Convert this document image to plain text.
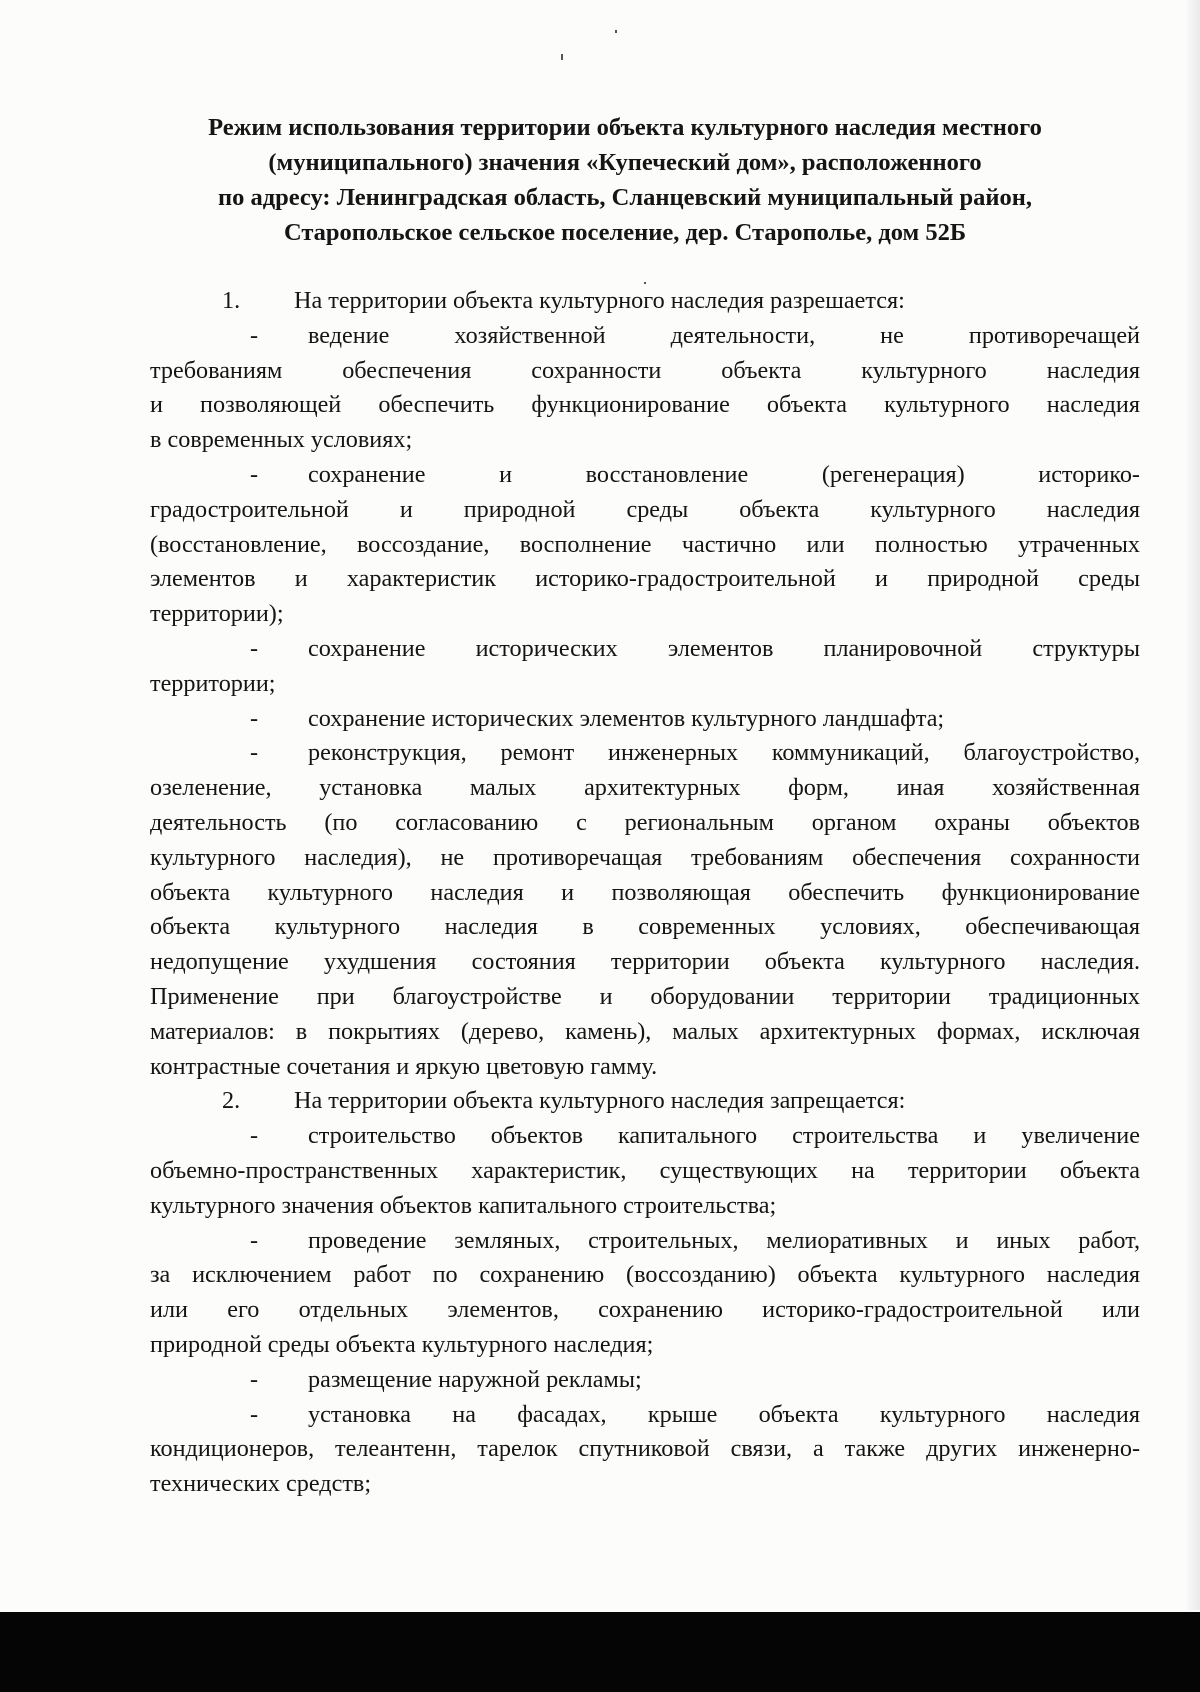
Режим использования территории объекта культурного наследия местного
(муниципального) значения «Купеческий дом», расположенного
по адресу: Ленинградская область, Сланцевский муниципальный район,
Старопольское сельское поселение, дер. Старополье, дом 52Б
1.	На территории объекта культурного наследия разрешается:
-	ведение хозяйственной деятельности, не противоречащей
требованиям обеспечения сохранности объекта культурного наследия
и позволяющей обеспечить функционирование объекта культурного наследия
в современных условиях;
-	сохранение и восстановление (регенерация) историко-
градостроительной и природной среды объекта культурного наследия
(восстановление, воссоздание, восполнение частично или полностью утраченных
элементов и характеристик историко-градостроительной и природной среды
территории);
-	сохранение исторических элементов планировочной структуры
территории;
-	сохранение исторических элементов культурного ландшафта;
-	реконструкция, ремонт инженерных коммуникаций, благоустройство,
озеленение, установка малых архитектурных форм, иная хозяйственная
деятельность (по согласованию с региональным органом охраны объектов
культурного наследия), не противоречащая требованиям обеспечения сохранности
объекта культурного наследия и позволяющая обеспечить функционирование
объекта культурного наследия в современных условиях, обеспечивающая
недопущение ухудшения состояния территории объекта культурного наследия.
Применение при благоустройстве и оборудовании территории традиционных
материалов: в покрытиях (дерево, камень), малых архитектурных формах, исключая
контрастные сочетания и яркую цветовую гамму.
2.	На территории объекта культурного наследия запрещается:
-	строительство объектов капитального строительства и увеличение
объемно-пространственных характеристик, существующих на территории объекта
культурного значения объектов капитального строительства;
-	проведение земляных, строительных, мелиоративных и иных работ,
за исключением работ по сохранению (воссозданию) объекта культурного наследия
или его отдельных элементов, сохранению историко-градостроительной или
природной среды объекта культурного наследия;
-	размещение наружной рекламы;
-	установка на фасадах, крыше объекта культурного наследия
кондиционеров, телеантенн, тарелок спутниковой связи, а также других инженерно-
технических средств;
